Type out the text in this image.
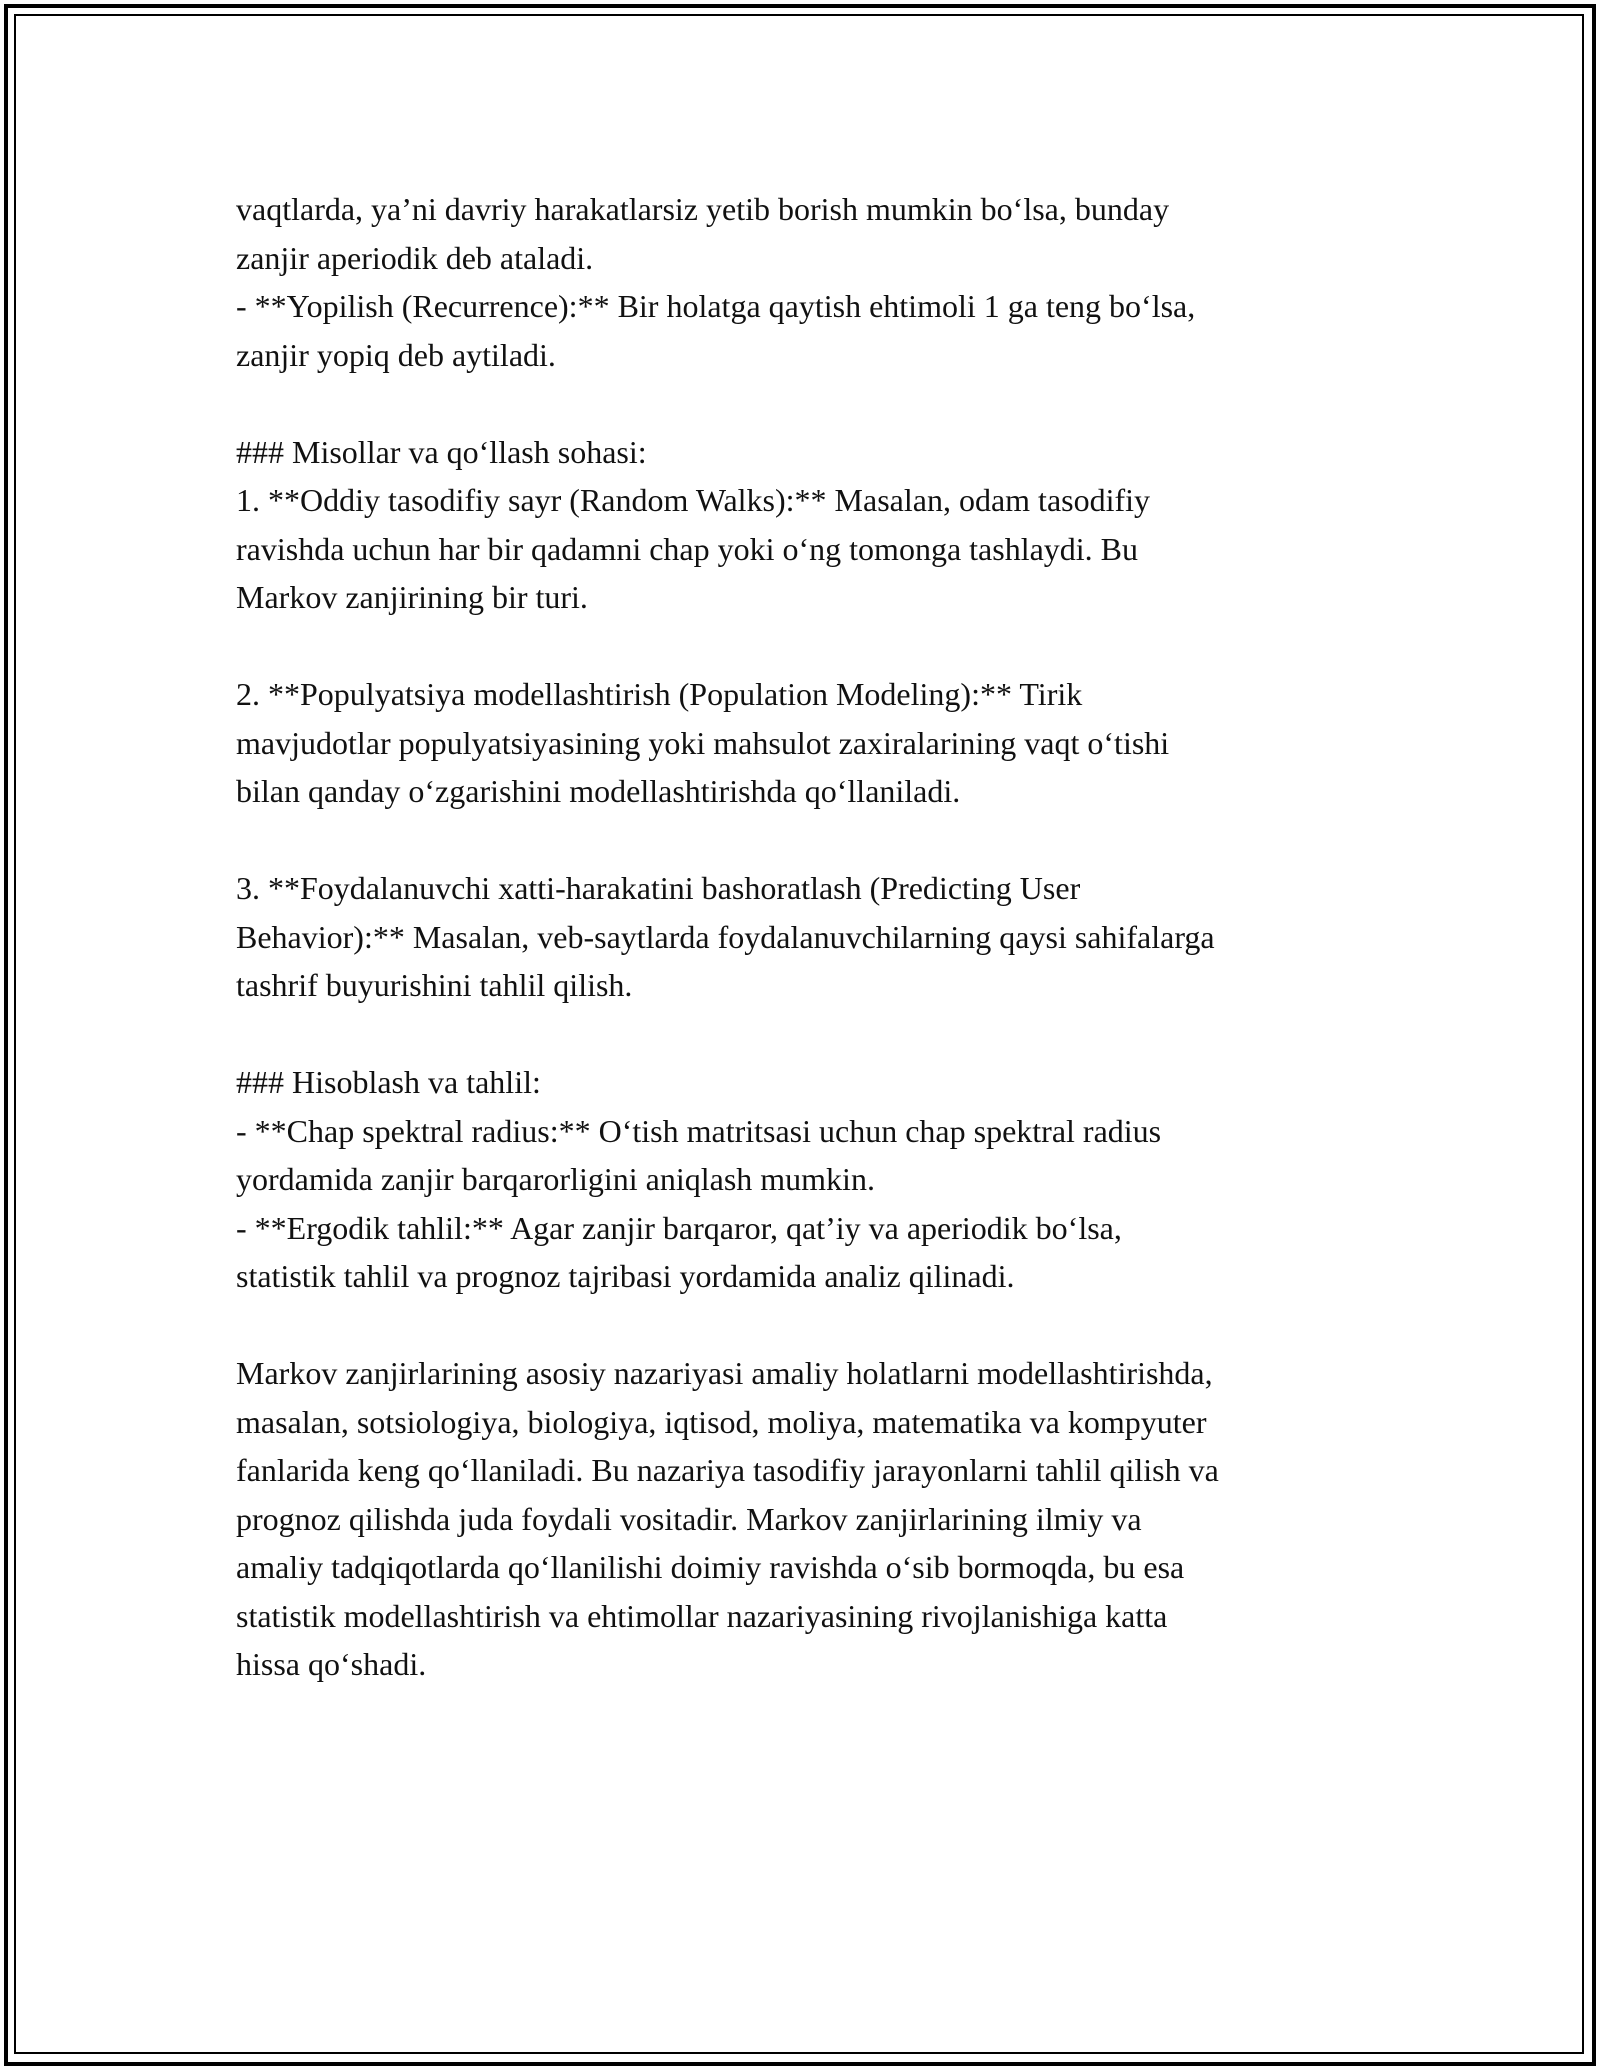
vaqtlarda, ya’ni davriy harakatlarsiz yetib borish mumkin bo‘lsa, bunday
zanjir aperiodik deb ataladi.
- **Yopilish (Recurrence):** Bir holatga qaytish ehtimoli 1 ga teng bo‘lsa,
zanjir yopiq deb aytiladi.
### Misollar va qo‘llash sohasi:
1. **Oddiy tasodifiy sayr (Random Walks):** Masalan, odam tasodifiy
ravishda uchun har bir qadamni chap yoki o‘ng tomonga tashlaydi. Bu
Markov zanjirining bir turi.
2. **Populyatsiya modellashtirish (Population Modeling):** Tirik
mavjudotlar populyatsiyasining yoki mahsulot zaxiralarining vaqt o‘tishi
bilan qanday o‘zgarishini modellashtirishda qo‘llaniladi.
3. **Foydalanuvchi xatti-harakatini bashoratlash (Predicting User
Behavior):** Masalan, veb-saytlarda foydalanuvchilarning qaysi sahifalarga
tashrif buyurishini tahlil qilish.
### Hisoblash va tahlil:
- **Chap spektral radius:** O‘tish matritsasi uchun chap spektral radius
yordamida zanjir barqarorligini aniqlash mumkin.
- **Ergodik tahlil:** Agar zanjir barqaror, qat’iy va aperiodik bo‘lsa,
statistik tahlil va prognoz tajribasi yordamida analiz qilinadi.
Markov zanjirlarining asosiy nazariyasi amaliy holatlarni modellashtirishda,
masalan, sotsiologiya, biologiya, iqtisod, moliya, matematika va kompyuter
fanlarida keng qo‘llaniladi. Bu nazariya tasodifiy jarayonlarni tahlil qilish va
prognoz qilishda juda foydali vositadir. Markov zanjirlarining ilmiy va
amaliy tadqiqotlarda qo‘llanilishi doimiy ravishda o‘sib bormoqda, bu esa
statistik modellashtirish va ehtimollar nazariyasining rivojlanishiga katta
hissa qo‘shadi.
